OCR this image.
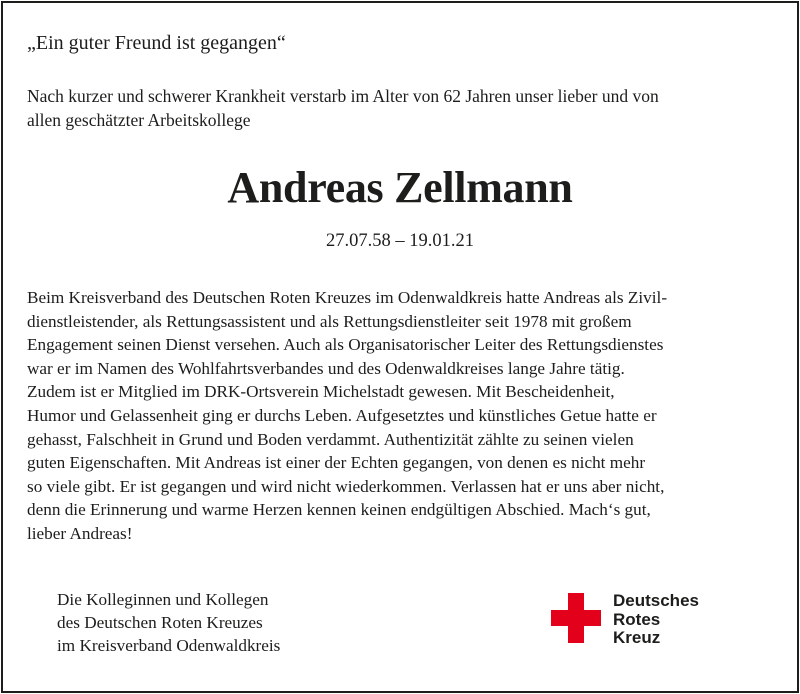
„Ein guter Freund ist gegangen“
Nach kurzer und schwerer Krankheit verstarb im Alter von 62 Jahren unser lieber und von
allen geschätzter Arbeitskollege
Andreas Zellmann
27.07.58 – 19.01.21
Beim Kreisverband des Deutschen Roten Kreuzes im Odenwaldkreis hatte Andreas als Zivil-
dienstleistender, als Rettungsassistent und als Rettungsdienstleiter seit 1978 mit großem
Engagement seinen Dienst versehen. Auch als Organisatorischer Leiter des Rettungsdienstes
war er im Namen des Wohlfahrtsverbandes und des Odenwaldkreises lange Jahre tätig.
Zudem ist er Mitglied im DRK-Ortsverein Michelstadt gewesen. Mit Bescheidenheit,
Humor und Gelassenheit ging er durchs Leben. Aufgesetztes und künstliches Getue hatte er
gehasst, Falschheit in Grund und Boden verdammt. Authentizität zählte zu seinen vielen
guten Eigenschaften. Mit Andreas ist einer der Echten gegangen, von denen es nicht mehr
so viele gibt. Er ist gegangen und wird nicht wiederkommen. Verlassen hat er uns aber nicht,
denn die Erinnerung und warme Herzen kennen keinen endgültigen Abschied. Mach‘s gut,
lieber Andreas!
Die Kolleginnen und Kollegen
des Deutschen Roten Kreuzes
im Kreisverband Odenwaldkreis
Deutsches
Rotes
Kreuz
